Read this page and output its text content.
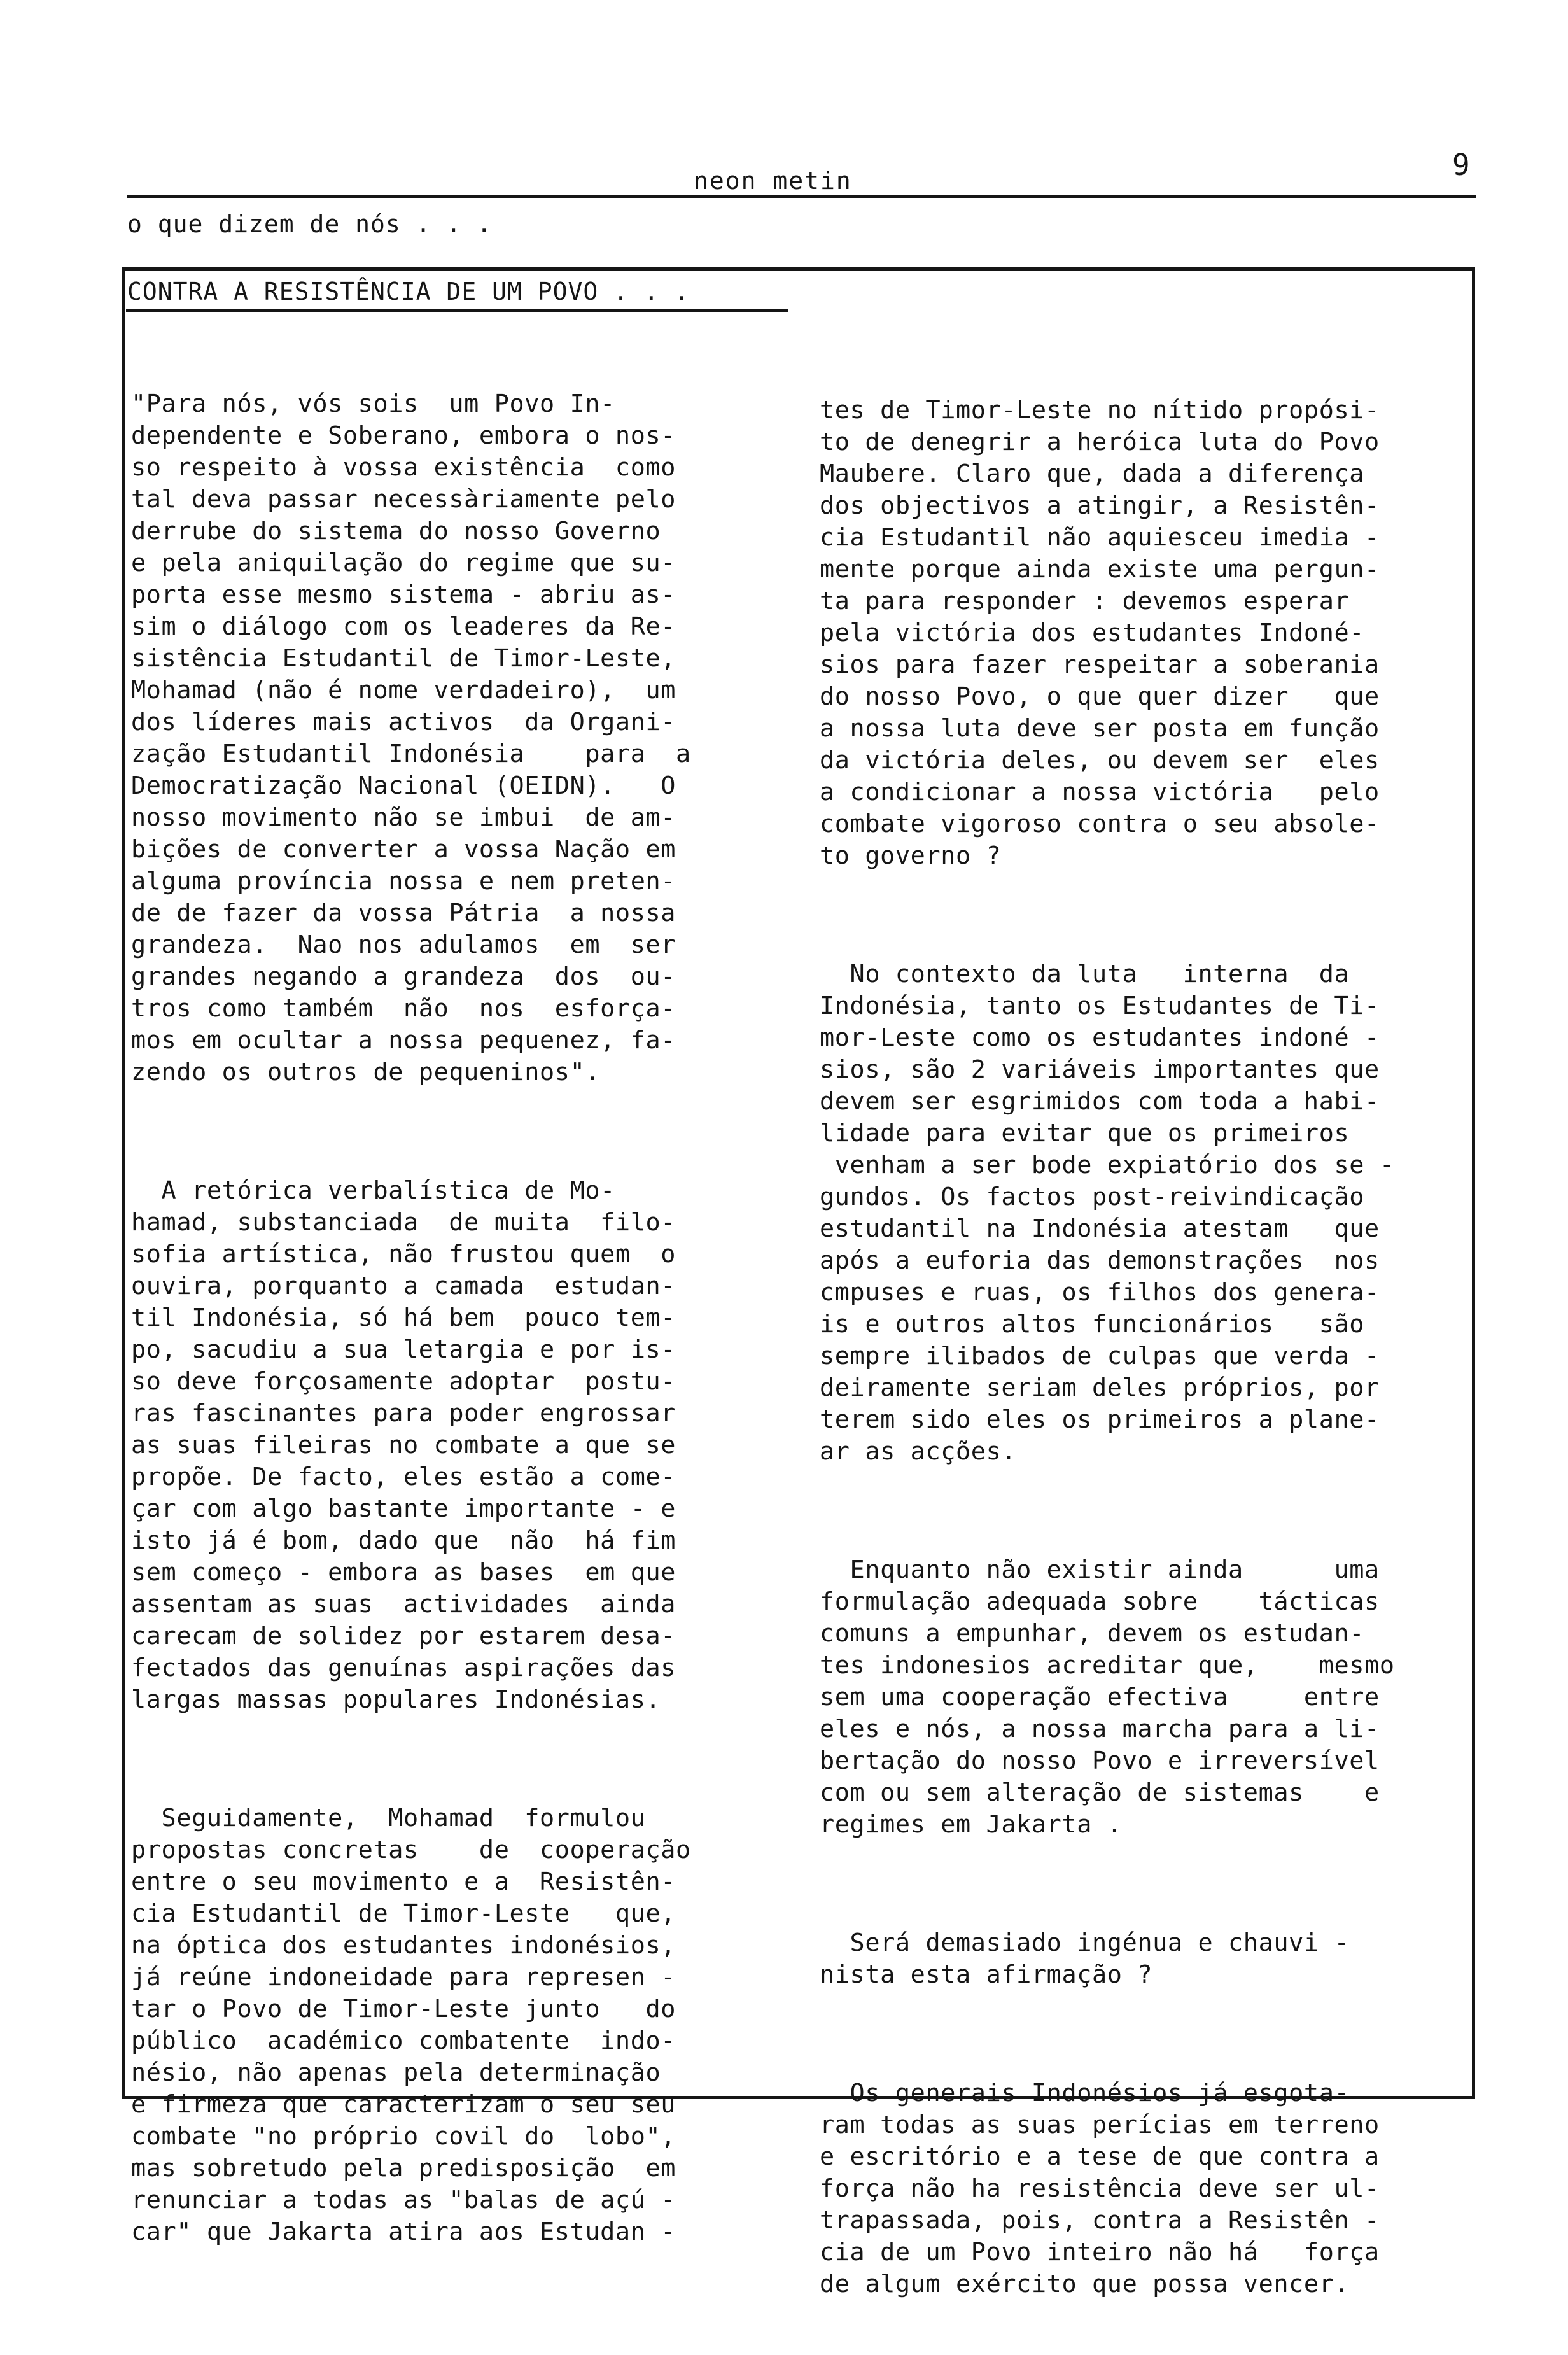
neon metin	9
o que dizem de nós . . .
CONTRA A RESISTÊNCIA DE UM POVO . . .

"Para nós, vós sois  um Povo In-
dependente e Soberano, embora o nos-
so respeito à vossa existência  como
tal deva passar necessàriamente pelo
derrube do sistema do nosso Governo
e pela aniquilação do regime que su-
porta esse mesmo sistema - abriu as-
sim o diálogo com os leaderes da Re-
sistência Estudantil de Timor-Leste,
Mohamad (não é nome verdadeiro),  um
dos líderes mais activos  da Organi-
zação Estudantil Indonésia    para  a
Democratização Nacional (OEIDN).   O
nosso movimento não se imbui  de am-
bições de converter a vossa Nação em
alguma província nossa e nem preten-
de de fazer da vossa Pátria  a nossa
grandeza.  Nao nos adulamos  em  ser
grandes negando a grandeza  dos  ou-
tros como também  não  nos  esforça-
mos em ocultar a nossa pequenez, fa-
zendo os outros de pequeninos".

A retórica verbalística de Mo-
hamad, substanciada  de muita  filo-
sofia artística, não frustou quem  o
ouvira, porquanto a camada  estudan-
til Indonésia, só há bem  pouco tem-
po, sacudiu a sua letargia e por is-
so deve forçosamente adoptar  postu-
ras fascinantes para poder engrossar
as suas fileiras no combate a que se
propõe. De facto, eles estão a come-
çar com algo bastante importante - e
isto já é bom, dado que  não  há fim
sem começo - embora as bases  em que
assentam as suas  actividades  ainda
carecam de solidez por estarem desa-
fectados das genuínas aspirações das
largas massas populares Indonésias.

Seguidamente,  Mohamad  formulou
propostas concretas    de  cooperação
entre o seu movimento e a  Resistên-
cia Estudantil de Timor-Leste   que,
na óptica dos estudantes indonésios,
já reúne indoneidade para represen -
tar o Povo de Timor-Leste junto   do
público  académico combatente  indo-
nésio, não apenas pela determinação
e firmeza que caracterizam o seu seu
combate "no próprio covil do  lobo",
mas sobretudo pela predisposição  em
renunciar a todas as "balas de açú -
car" que Jakarta atira aos Estudan -

tes de Timor-Leste no nítido propósi-
to de denegrir a heróica luta do Povo
Maubere. Claro que, dada a diferença
dos objectivos a atingir, a Resistên-
cia Estudantil não aquiesceu imedia -
mente porque ainda existe uma pergun-
ta para responder : devemos esperar
pela victória dos estudantes Indoné-
sios para fazer respeitar a soberania
do nosso Povo, o que quer dizer   que
a nossa luta deve ser posta em função
da victória deles, ou devem ser  eles
a condicionar a nossa victória   pelo
combate vigoroso contra o seu absole-
to governo ?

No contexto da luta   interna  da
Indonésia, tanto os Estudantes de Ti-
mor-Leste como os estudantes indoné -
sios, são 2 variáveis importantes que
devem ser esgrimidos com toda a habi-
lidade para evitar que os primeiros
venham a ser bode expiatório dos se -
gundos. Os factos post-reivindicação
estudantil na Indonésia atestam   que
após a euforia das demonstrações  nos
cmpuses e ruas, os filhos dos genera-
is e outros altos funcionários   são
sempre ilibados de culpas que verda -
deiramente seriam deles próprios, por
terem sido eles os primeiros a plane-
ar as acções.

Enquanto não existir ainda      uma
formulação adequada sobre    tácticas
comuns a empunhar, devem os estudan-
tes indonesios acreditar que,    mesmo
sem uma cooperação efectiva     entre
eles e nós, a nossa marcha para a li-
bertação do nosso Povo e irreversível
com ou sem alteração de sistemas    e
regimes em Jakarta .

Será demasiado ingénua e chauvi -
nista esta afirmação ?

Os generais Indonésios já esgota-
ram todas as suas perícias em terreno
e escritório e a tese de que contra a
força não ha resistência deve ser ul-
trapassada, pois, contra a Resistên -
cia de um Povo inteiro não há   força
de algum exército que possa vencer.
